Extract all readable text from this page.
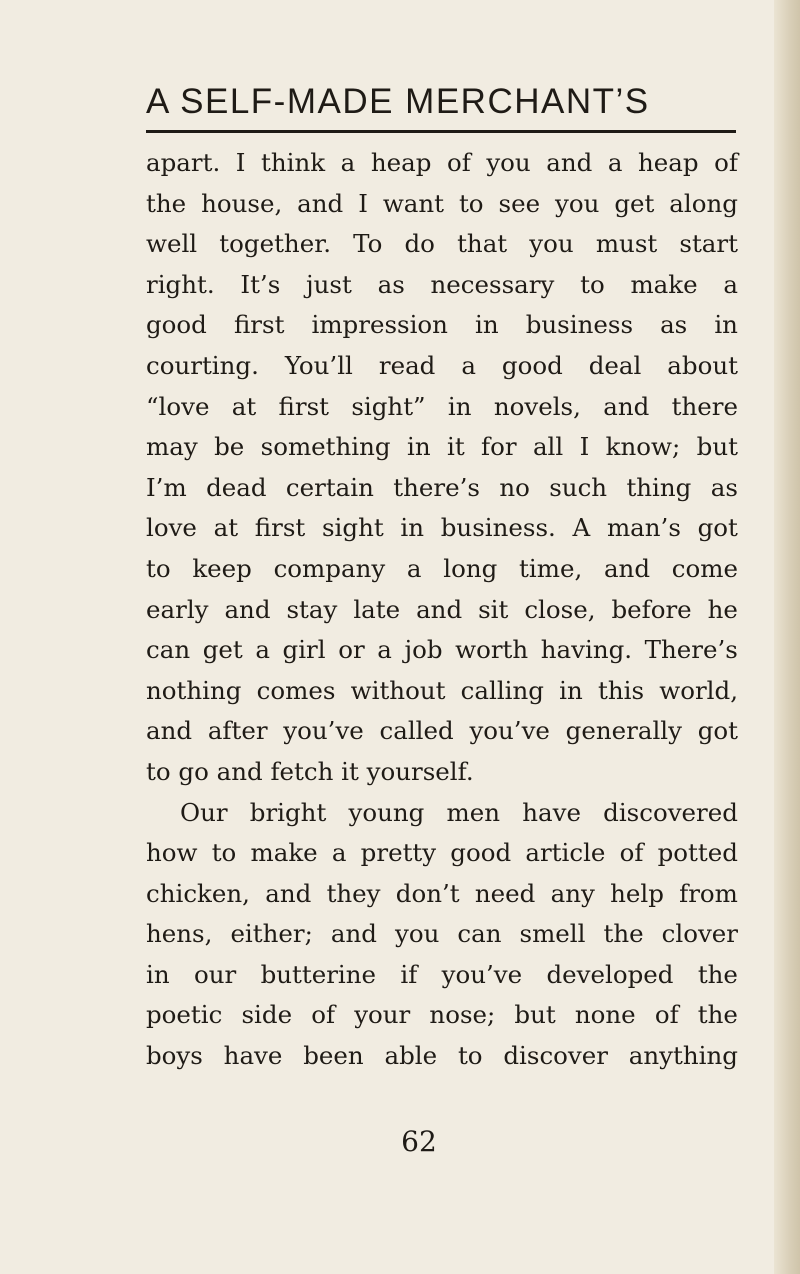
A SELF-MADE MERCHANT’S
apart. I think a heap of you and a heap of
the house, and I want to see you get along
well together. To do that you must start
right. It’s just as necessary to make a
good first impression in business as in
courting. You’ll read a good deal about
“love at first sight” in novels, and there
may be something in it for all I know; but
I’m dead certain there’s no such thing as
love at first sight in business. A man’s got
to keep company a long time, and come
early and stay late and sit close, before he
can get a girl or a job worth having. There’s
nothing comes without calling in this world,
and after you’ve called you’ve generally got
to go and fetch it yourself.
Our bright young men have discovered
how to make a pretty good article of potted
chicken, and they don’t need any help from
hens, either; and you can smell the clover
in our butterine if you’ve developed the
poetic side of your nose; but none of the
boys have been able to discover anything
62
